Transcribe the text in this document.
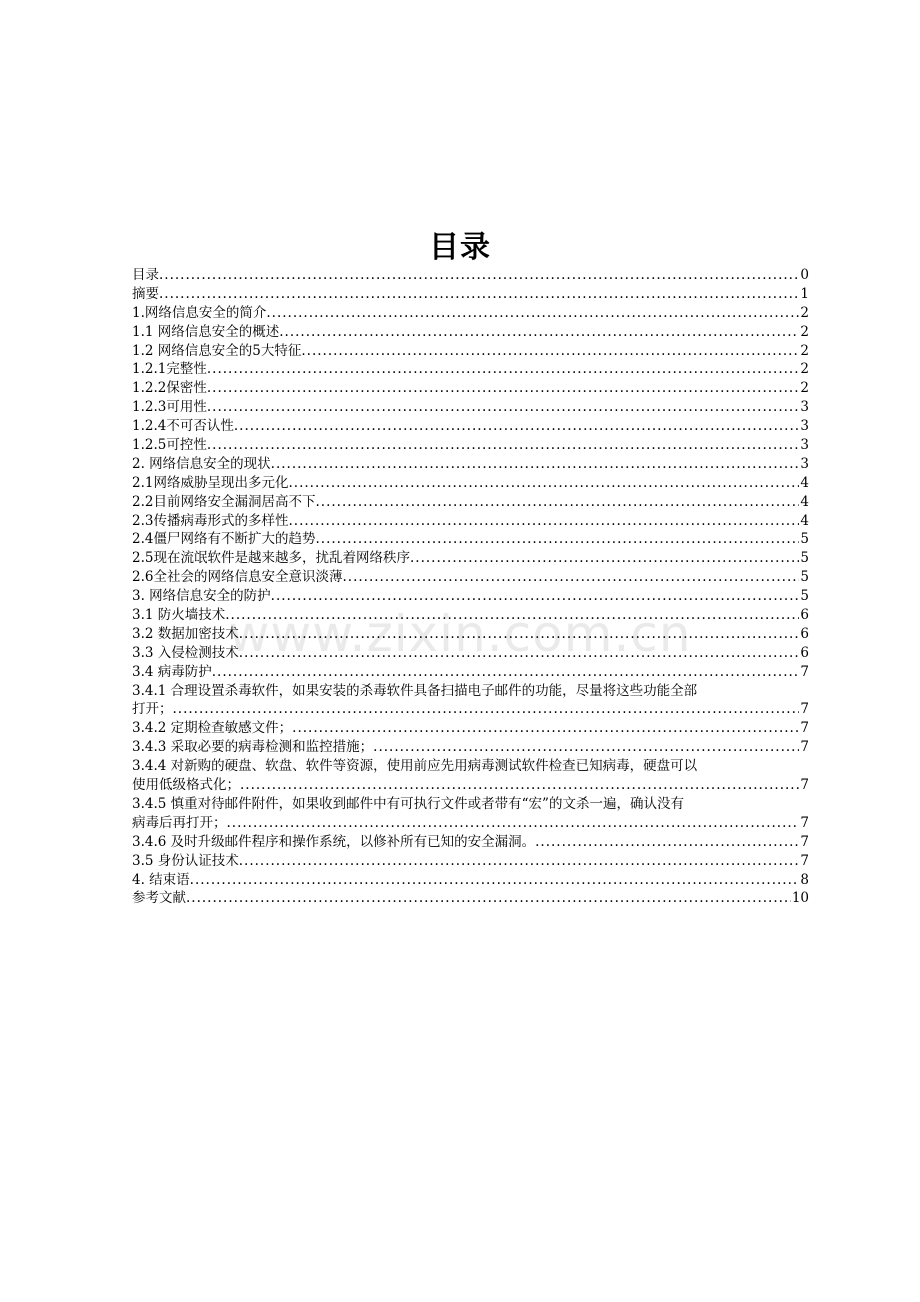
目录
www.zixin.com.cn
目录 .....	0
摘要 .....	1
1.网络信息安全的简介 .....	2
1.1 网络信息安全的概述 .....	2
1.2 网络信息安全的5大特征 .....	2
1.2.1完整性 .....	2
1.2.2保密性 .....	2
1.2.3可用性 .....	3
1.2.4不可否认性 .....	3
1.2.5可控性 .....	3
2. 网络信息安全的现状 .....	3
2.1网络威胁呈现出多元化 .....	4
2.2目前网络安全漏洞居高不下 .....	4
2.3传播病毒形式的多样性 .....	4
2.4僵尸网络有不断扩大的趋势 .....	5
2.5现在流氓软件是越来越多，扰乱着网络秩序 .....	5
2.6全社会的网络信息安全意识淡薄 .....	5
3. 网络信息安全的防护 .....	5
3.1 防火墙技术 .....	6
3.2 数据加密技术 .....	6
3.3 入侵检测技术 .....	6
3.4 病毒防护 .....	7
3.4.1 合理设置杀毒软件，如果安装的杀毒软件具备扫描电子邮件的功能，尽量将这些功能全部
打开； .....	7
3.4.2 定期检查敏感文件； .....	7
3.4.3 采取必要的病毒检测和监控措施； .....	7
3.4.4 对新购的硬盘、软盘、软件等资源，使用前应先用病毒测试软件检查已知病毒，硬盘可以
使用低级格式化； .....	7
3.4.5 慎重对待邮件附件，如果收到邮件中有可执行文件或者带有“宏”的文杀一遍，确认没有
病毒后再打开； .....	7
3.4.6 及时升级邮件程序和操作系统，以修补所有已知的安全漏洞。 .....	7
3.5 身份认证技术 .....	7
4. 结束语 .....	8
参考文献 .....	10
